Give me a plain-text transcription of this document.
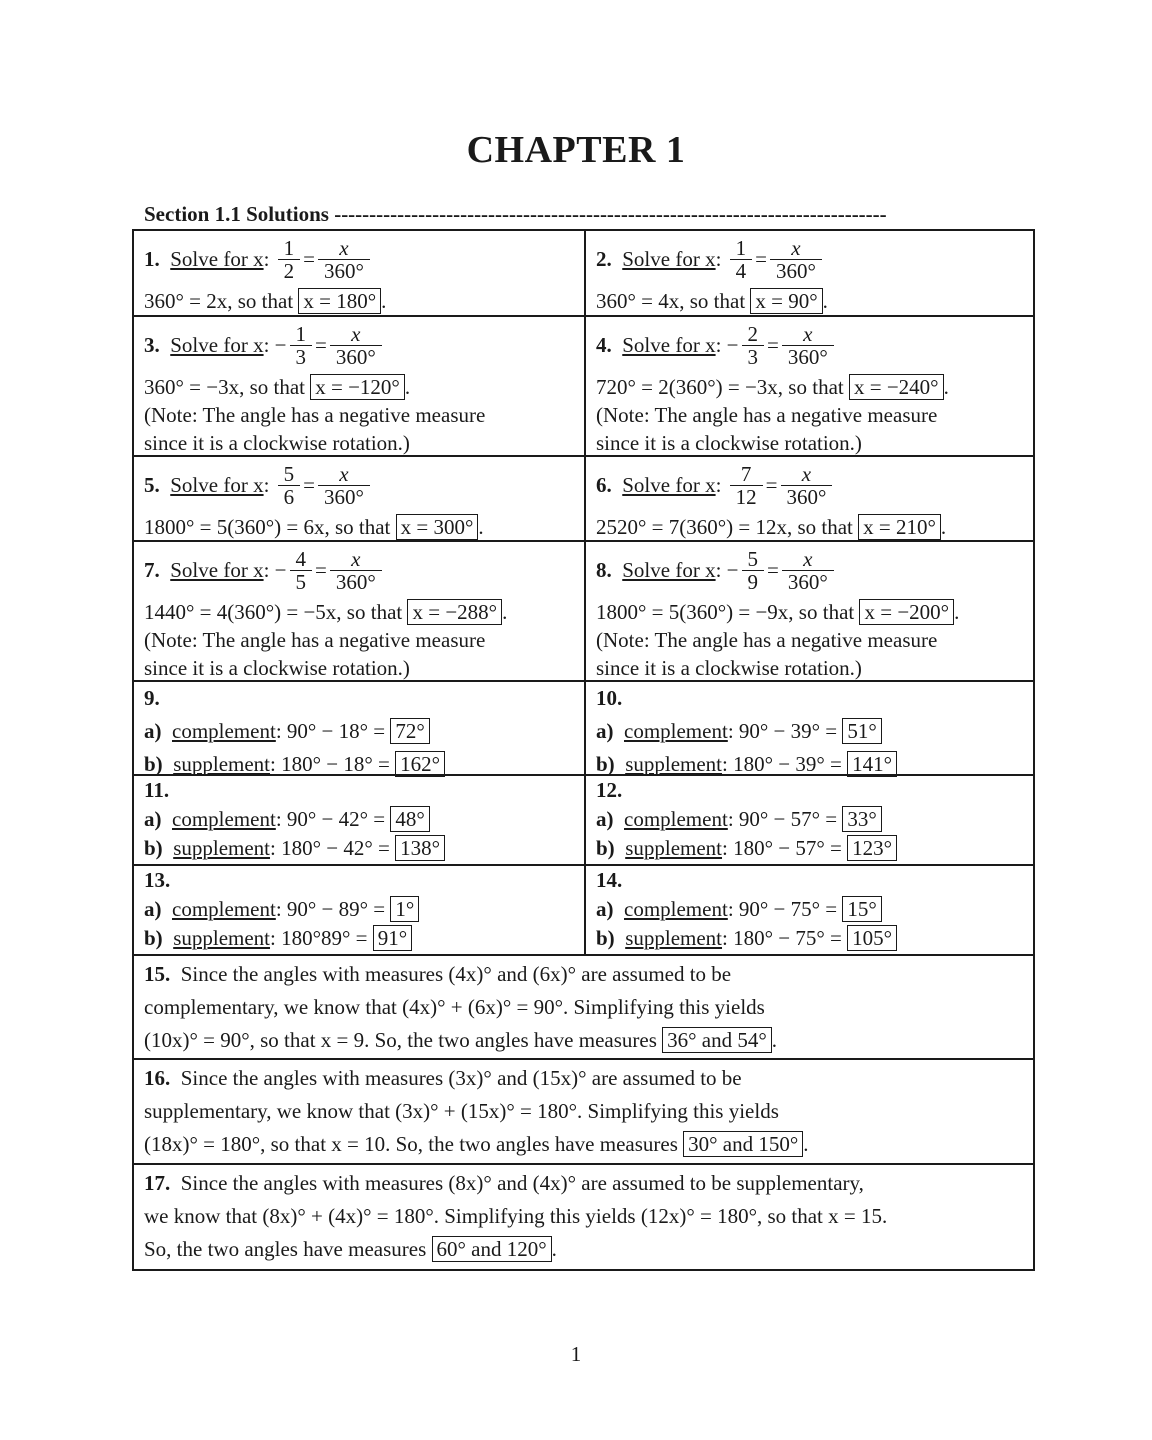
CHAPTER 1
Section 1.1 Solutions -------------------------------------------------------------------------------
1.
Solve for x : $\frac{1}{2} = \frac{x}{360^\circ}$
360° = 2x, so that x = 180° .
2.
Solve for x : $\frac{1}{4} = \frac{x}{360^\circ}$
360° = 4x, so that x = 90° .
3.
Solve for x : − $\frac{1}{3} = \frac{x}{360^\circ}$
360° = −3x, so that x = −120° .
(Note: The angle has a negative measure
since it is a clockwise rotation.)
4.
Solve for x : − $\frac{2}{3} = \frac{x}{360^\circ}$
720° = 2(360°) = −3x, so that x = −240° .
(Note: The angle has a negative measure
since it is a clockwise rotation.)
5.
Solve for x : $\frac{5}{6} = \frac{x}{360^\circ}$
1800° = 5(360°) = 6x, so that x = 300° .
6.
Solve for x : $\frac{7}{12} = \frac{x}{360^\circ}$
2520° = 7(360°) = 12x, so that x = 210° .
7.
Solve for x : − $\frac{4}{5} = \frac{x}{360^\circ}$
1440° = 4(360°) = −5x, so that x = −288° .
(Note: The angle has a negative measure
since it is a clockwise rotation.)
8.
Solve for x : − $\frac{5}{9} = \frac{x}{360^\circ}$
1800° = 5(360°) = −9x, so that x = −200° .
(Note: The angle has a negative measure
since it is a clockwise rotation.)
9.
a) complement: 90° − 18° = 72°
b) supplement: 180° − 18° = 162°
10.
a) complement: 90° − 39° = 51°
b) supplement: 180° − 39° = 141°
11.
a) complement: 90° − 42° = 48°
b) supplement: 180° − 42° = 138°
12.
a) complement: 90° − 57° = 33°
b) supplement: 180° − 57° = 123°
13.
a) complement: 90° − 89° = 1°
b) supplement: 180°89° = 91°
14.
a) complement: 90° − 75° = 15°
b) supplement: 180° − 75° = 105°
15. Since the angles with measures (4x)° and (6x)° are assumed to be
complementary, we know that (4x)° + (6x)° = 90°. Simplifying this yields
(10x)° = 90°, so that x = 9. So, the two angles have measures 36° and 54° .
16. Since the angles with measures (3x)° and (15x)° are assumed to be
supplementary, we know that (3x)° + (15x)° = 180°. Simplifying this yields
(18x)° = 180°, so that x = 10. So, the two angles have measures 30° and 150° .
17. Since the angles with measures (8x)° and (4x)° are assumed to be supplementary,
we know that (8x)° + (4x)° = 180°. Simplifying this yields (12x)° = 180°, so that x = 15.
So, the two angles have measures 60° and 120° .
1
